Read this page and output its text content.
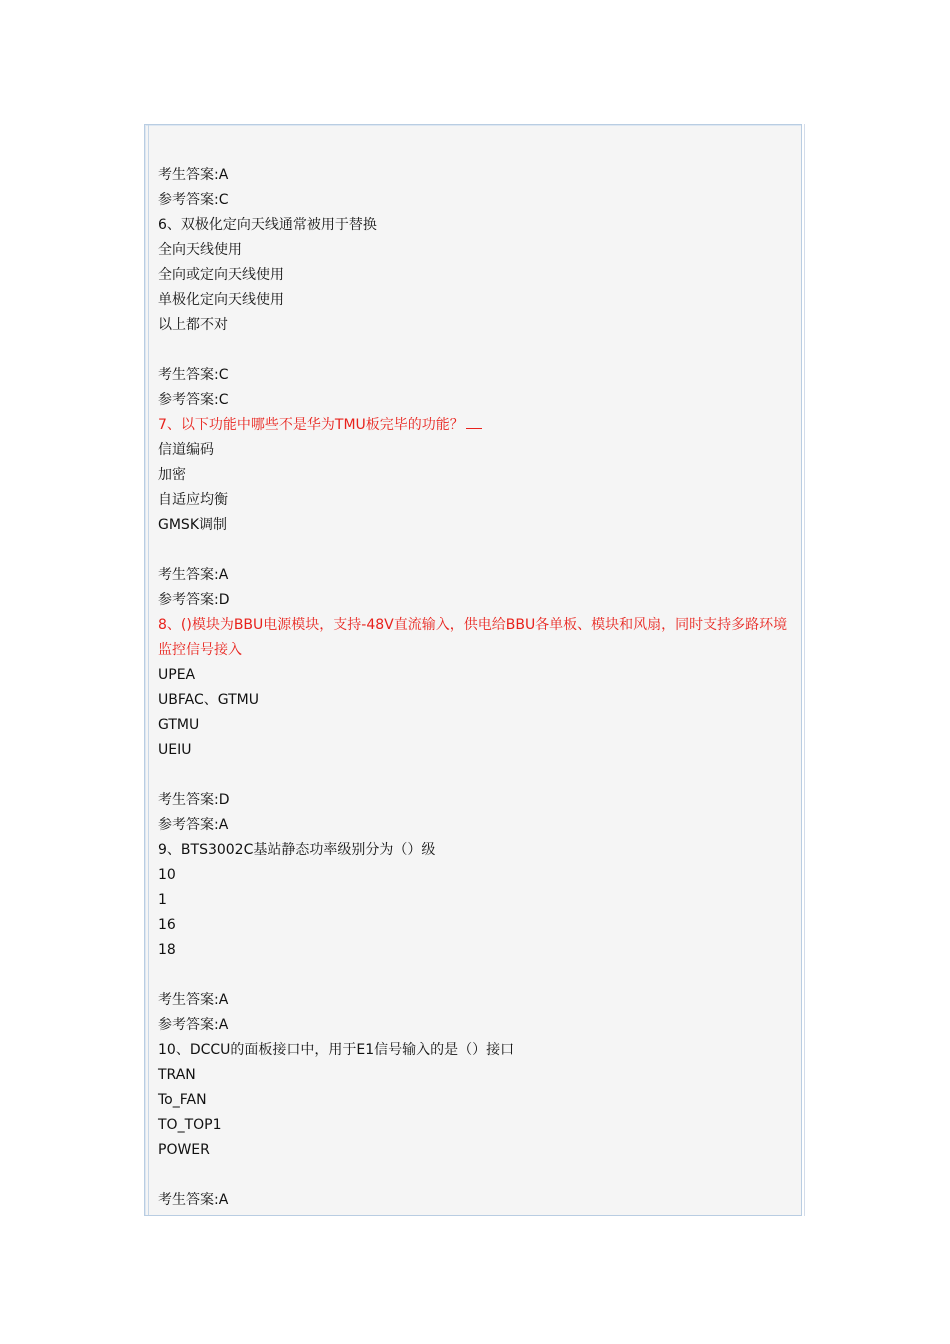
考生答案:A
参考答案:C
6、双极化定向天线通常被用于替换
全向天线使用
全向或定向天线使用
单极化定向天线使用
以上都不对
考生答案:C
参考答案:C
7、以下功能中哪些不是华为TMU板完毕的功能？
信道编码
加密
自适应均衡
GMSK调制
考生答案:A
参考答案:D
8、()模块为BBU电源模块，支持-48V直流输入，供电给BBU各单板、模块和风扇，同时支持多路环境监控信号接入
UPEA
UBFAC、GTMU
GTMU
UEIU
考生答案:D
参考答案:A
9、BTS3002C基站静态功率级别分为（）级
10
1
16
18
考生答案:A
参考答案:A
10、DCCU的面板接口中，用于E1信号输入的是（）接口
TRAN
To_FAN
TO_TOP1
POWER
考生答案:A
